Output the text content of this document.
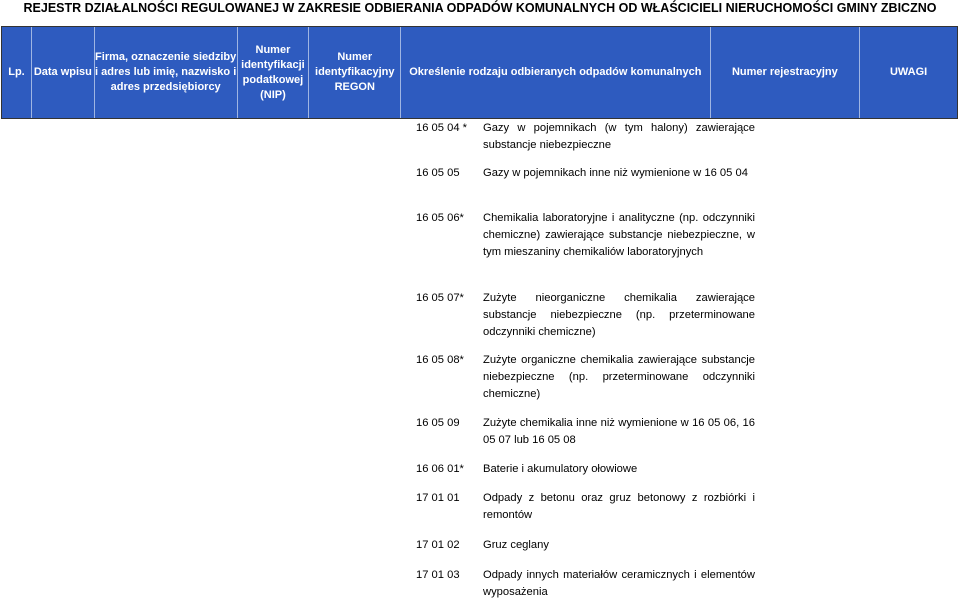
REJESTR DZIAŁALNOŚCI REGULOWANEJ W ZAKRESIE ODBIERANIA ODPADÓW KOMUNALNYCH OD WŁAŚCICIELI NIERUCHOMOŚCI GMINY ZBICZNO
Lp. Data wpisu
Firma, oznaczenie siedziby i adres lub imię, nazwisko i adres przedsiębiorcy
Numer identyfikacji podatkowej (NIP)
Numer identyfikacyjny REGON
Określenie rodzaju odbieranych odpadów komunalnych	Numer rejestracyjny	UWAGI
16 05 04 * Gazy w pojemnikach (w tym halony) zawierające substancje niebezpieczne
16 05 05 Gazy w pojemnikach inne niż wymienione w 16 05 04
16 05 06* Chemikalia laboratoryjne i analityczne (np. odczynniki chemiczne) zawierające substancje niebezpieczne, w tym mieszaniny chemikaliów laboratoryjnych
16 05 07* Zużyte nieorganiczne chemikalia zawierające substancje niebezpieczne (np. przeterminowane odczynniki chemiczne)
16 05 08* Zużyte organiczne chemikalia zawierające substancje niebezpieczne (np. przeterminowane odczynniki chemiczne)
16 05 09 Zużyte chemikalia inne niż wymienione w 16 05 06, 16 05 07 lub 16 05 08
16 06 01* Baterie i akumulatory ołowiowe
17 01 01 Odpady z betonu oraz gruz betonowy z rozbiórki i remontów
17 01 02 Gruz ceglany
17 01 03 Odpady innych materiałów ceramicznych i elementów wyposażenia
